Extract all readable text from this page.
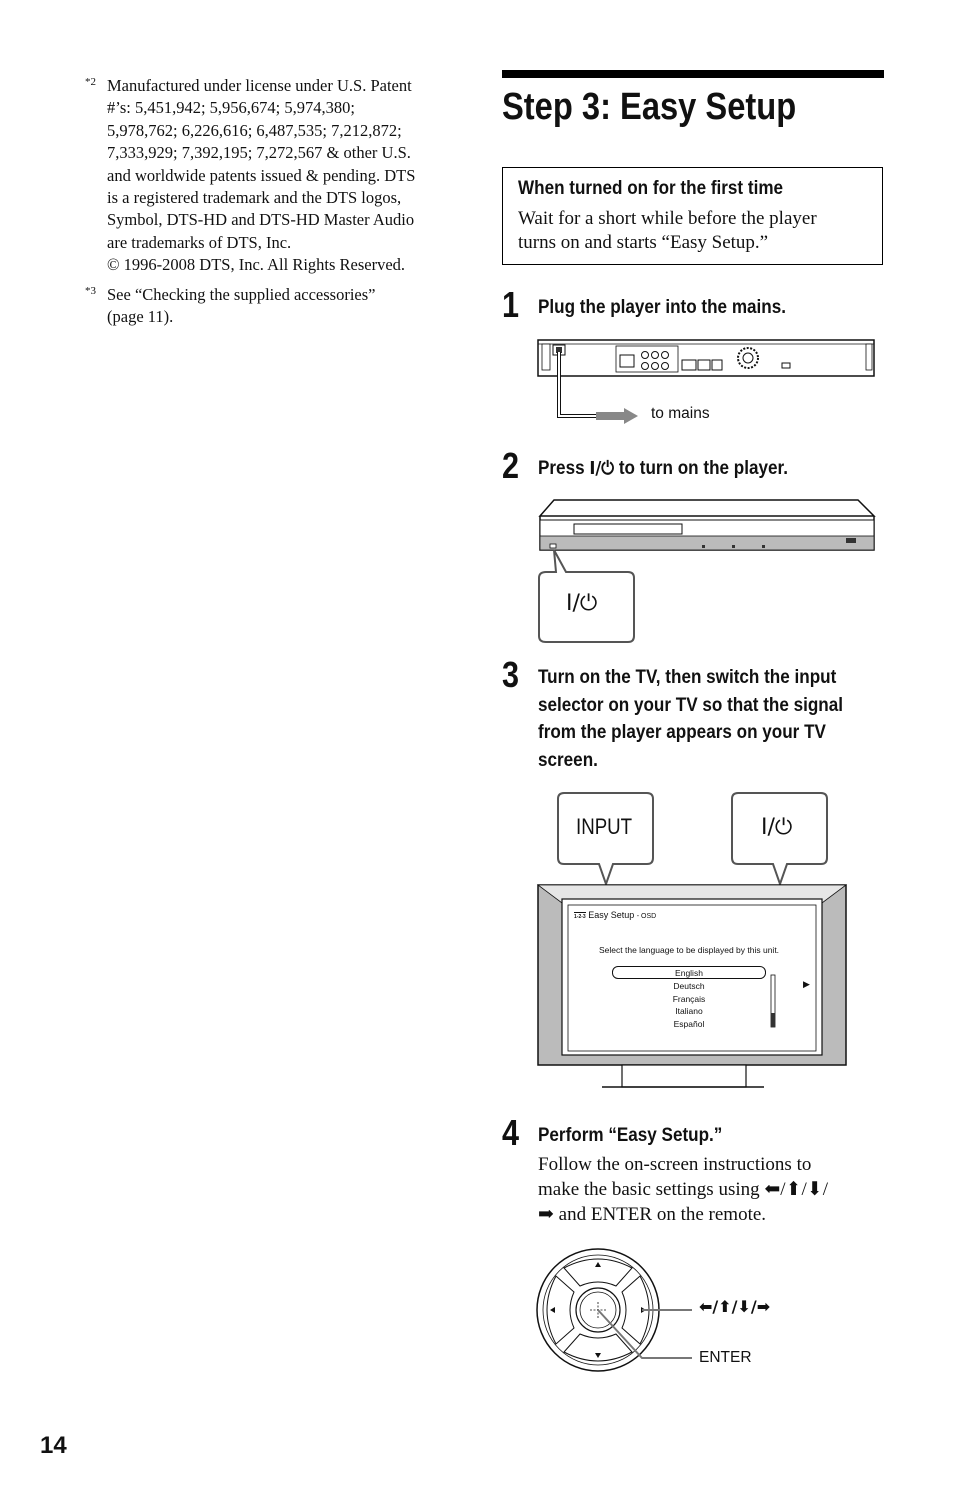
*2 Manufactured under license under U.S. Patent
#’s: 5,451,942; 5,956,674; 5,974,380;
5,978,762; 6,226,616; 6,487,535; 7,212,872;
7,333,929; 7,392,195; 7,272,567 & other U.S.
and worldwide patents issued & pending. DTS
is a registered trademark and the DTS logos,
Symbol, DTS-HD and DTS-HD Master Audio
are trademarks of DTS, Inc.
© 1996-2008 DTS, Inc. All Rights Reserved.
*3 See “Checking the supplied accessories”
(page 11).
Step 3: Easy Setup
When turned on for the first time
Wait for a short while before the player
turns on and starts “Easy Setup.”
1 Plug the player into the mains.
to mains
2 Press I/⏻ to turn on the player.
I/⏻
3 Turn on the TV, then switch the input
selector on your TV so that the signal
from the player appears on your TV
screen.
INPUT	I/⏻
1-2-3 Easy Setup - OSD
Select the language to be displayed by this unit.
English
Deutsch
Français
Italiano
Español
▶
4 Perform “Easy Setup.”
Follow the on-screen instructions to
make the basic settings using ⬅/⬆/⬇/
➡ and ENTER on the remote.
⬅/⬆/⬇/➡
ENTER
14
